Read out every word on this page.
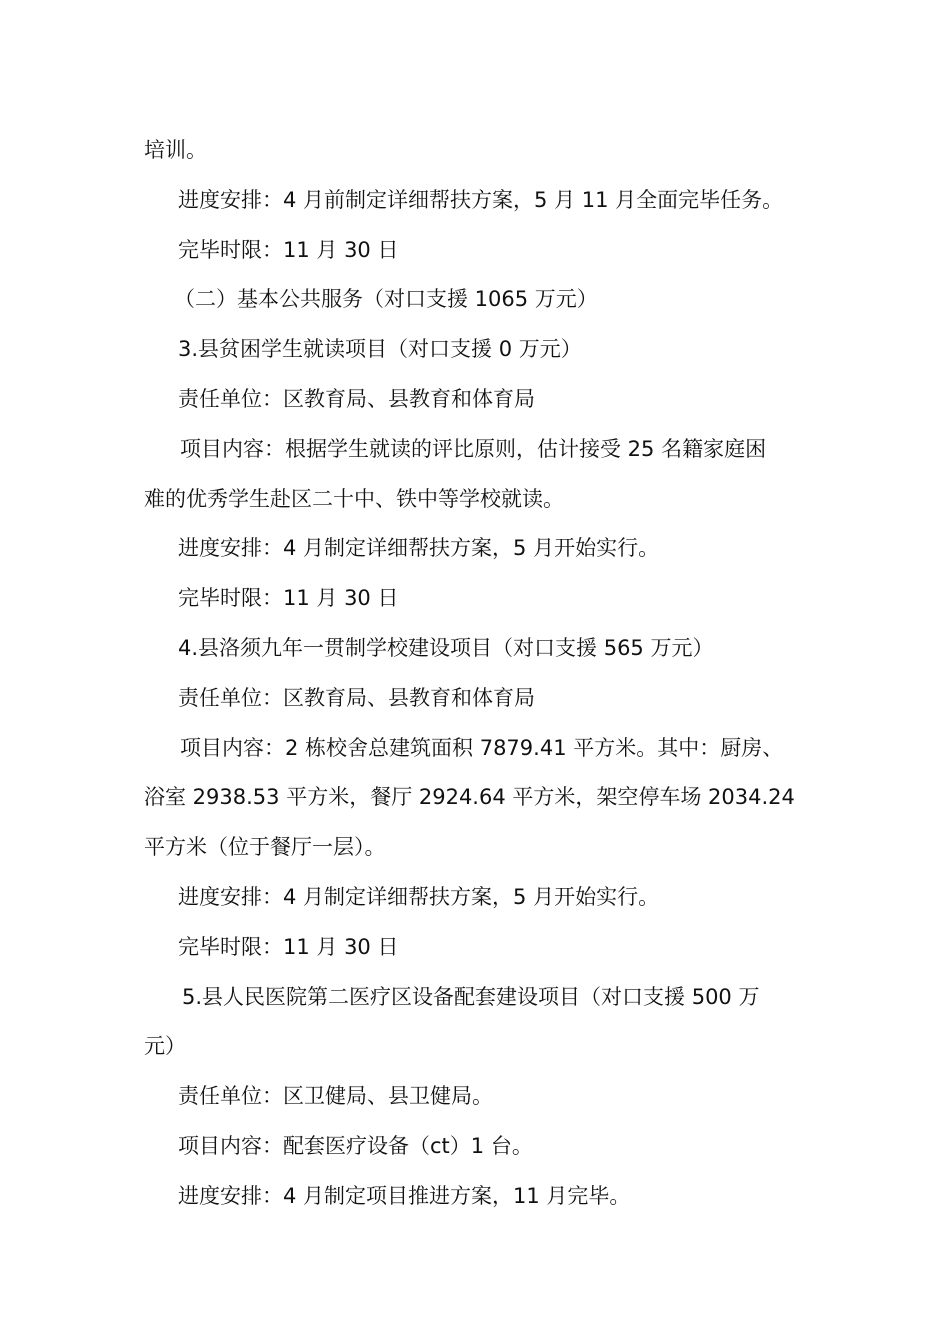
培训。

进度安排：4 月前制定详细帮扶方案，5 月 11 月全面完毕任务。

完毕时限：11 月 30 日

（二）基本公共服务（对口支援 1065 万元）

3.县贫困学生就读项目（对口支援 0 万元）

责任单位：区教育局、县教育和体育局

项目内容：根据学生就读的评比原则，估计接受 25 名籍家庭困

难的优秀学生赴区二十中、铁中等学校就读。

进度安排：4 月制定详细帮扶方案，5 月开始实行。

完毕时限：11 月 30 日

4.县洛须九年一贯制学校建设项目（对口支援 565 万元）

责任单位：区教育局、县教育和体育局

项目内容：2 栋校舍总建筑面积 7879.41 平方米。其中：厨房、

浴室 2938.53 平方米，餐厅 2924.64 平方米，架空停车场 2034.24

平方米（位于餐厅一层）。

进度安排：4 月制定详细帮扶方案，5 月开始实行。

完毕时限：11 月 30 日

5.县人民医院第二医疗区设备配套建设项目（对口支援 500 万

元）

责任单位：区卫健局、县卫健局。

项目内容：配套医疗设备（ct）1 台。

进度安排：4 月制定项目推进方案，11 月完毕。
